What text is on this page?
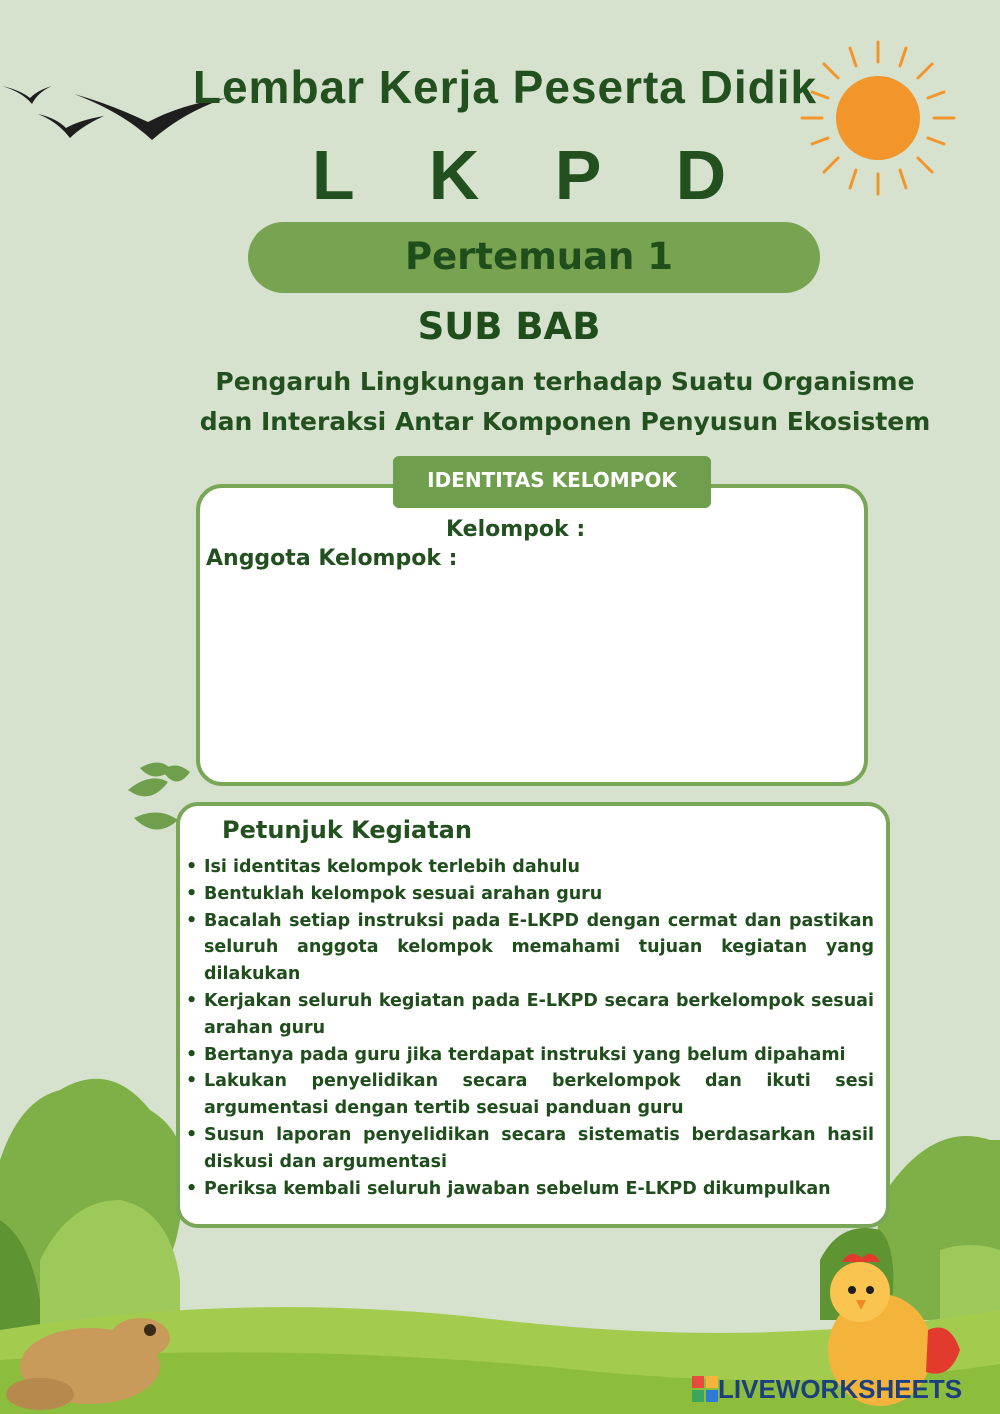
Lembar Kerja Peserta Didik
L K P D
Pertemuan 1
SUB BAB
Pengaruh Lingkungan terhadap Suatu Organisme
dan Interaksi Antar Komponen Penyusun Ekosistem
IDENTITAS KELOMPOK
Kelompok :
Anggota Kelompok :
Petunjuk Kegiatan
• Isi identitas kelompok terlebih dahulu
• Bentuklah kelompok sesuai arahan guru
• Bacalah setiap instruksi pada E-LKPD dengan cermat dan pastikan seluruh anggota kelompok memahami tujuan kegiatan yang dilakukan
• Kerjakan seluruh kegiatan pada E-LKPD secara berkelompok sesuai arahan guru
• Bertanya pada guru jika terdapat instruksi yang belum dipahami
• Lakukan penyelidikan secara berkelompok dan ikuti sesi argumentasi dengan tertib sesuai panduan guru
• Susun laporan penyelidikan secara sistematis berdasarkan hasil diskusi dan argumentasi
• Periksa kembali seluruh jawaban sebelum E-LKPD dikumpulkan
LIVEWORKSHEETS
